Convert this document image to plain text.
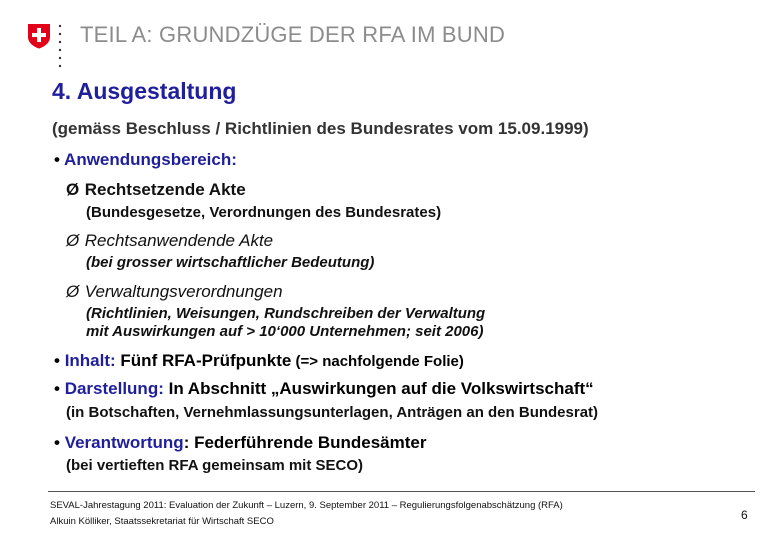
TEIL A: GRUNDZÜGE DER RFA IM BUND
4. Ausgestaltung
(gemäss Beschluss / Richtlinien des Bundesrates vom 15.09.1999)
• Anwendungsbereich:
Ø Rechtsetzende Akte
(Bundesgesetze, Verordnungen des Bundesrates)
Ø Rechtsanwendende Akte
(bei grosser wirtschaftlicher Bedeutung)
Ø Verwaltungsverordnungen
(Richtlinien, Weisungen, Rundschreiben der Verwaltung
mit Auswirkungen auf > 10‘000 Unternehmen; seit 2006)
• Inhalt: Fünf RFA-Prüfpunkte (=> nachfolgende Folie)
• Darstellung: In Abschnitt „Auswirkungen auf die Volkswirtschaft“
(in Botschaften, Vernehmlassungsunterlagen, Anträgen an den Bundesrat)
• Verantwortung: Federführende Bundesämter
(bei vertieften RFA gemeinsam mit SECO)
SEVAL-Jahrestagung 2011: Evaluation der Zukunft – Luzern, 9. September 2011 – Regulierungsfolgenabschätzung (RFA)
Alkuin Kölliker, Staatssekretariat für Wirtschaft SECO	6
